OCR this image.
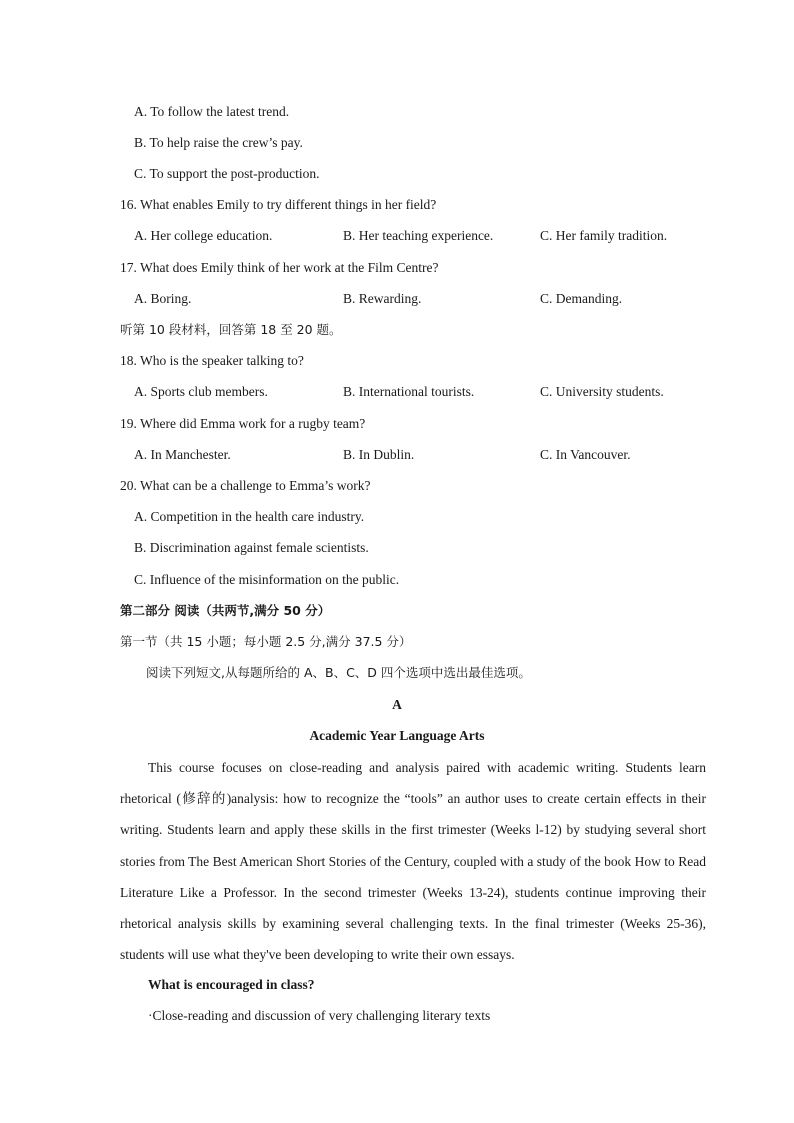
A. To follow the latest trend.
B. To help raise the crew’s pay.
C. To support the post-production.
16. What enables Emily to try different things in her field?
A. Her college education.	B. Her teaching experience.	C. Her family tradition.
17. What does Emily think of her work at the Film Centre?
A. Boring.	B. Rewarding.	C. Demanding.
听第 10 段材料，回答第 18 至 20 题。
18. Who is the speaker talking to?
A. Sports club members.	B. International tourists.	C. University students.
19. Where did Emma work for a rugby team?
A. In Manchester.	B. In Dublin.	C. In Vancouver.
20. What can be a challenge to Emma’s work?
A. Competition in the health care industry.
B. Discrimination against female scientists.
C. Influence of the misinformation on the public.
第二部分 阅读（共两节,满分 50 分）
第一节（共 15 小题；每小题 2.5 分,满分 37.5 分）
阅读下列短文,从每题所给的 A、B、C、D 四个选项中选出最佳选项。
A
Academic Year Language Arts
This course focuses on close-reading and analysis paired with academic writing. Students learn rhetorical (修辞的)analysis: how to recognize the “tools” an author uses to create certain effects in their writing. Students learn and apply these skills in the first trimester (Weeks l-12) by studying several short stories from The Best American Short Stories of the Century, coupled with a study of the book How to Read Literature Like a Professor. In the second trimester (Weeks 13-24), students continue improving their rhetorical analysis skills by examining several challenging texts. In the final trimester (Weeks 25-36), students will use what they've been developing to write their own essays.
What is encouraged in class?
·Close-reading and discussion of very challenging literary texts
